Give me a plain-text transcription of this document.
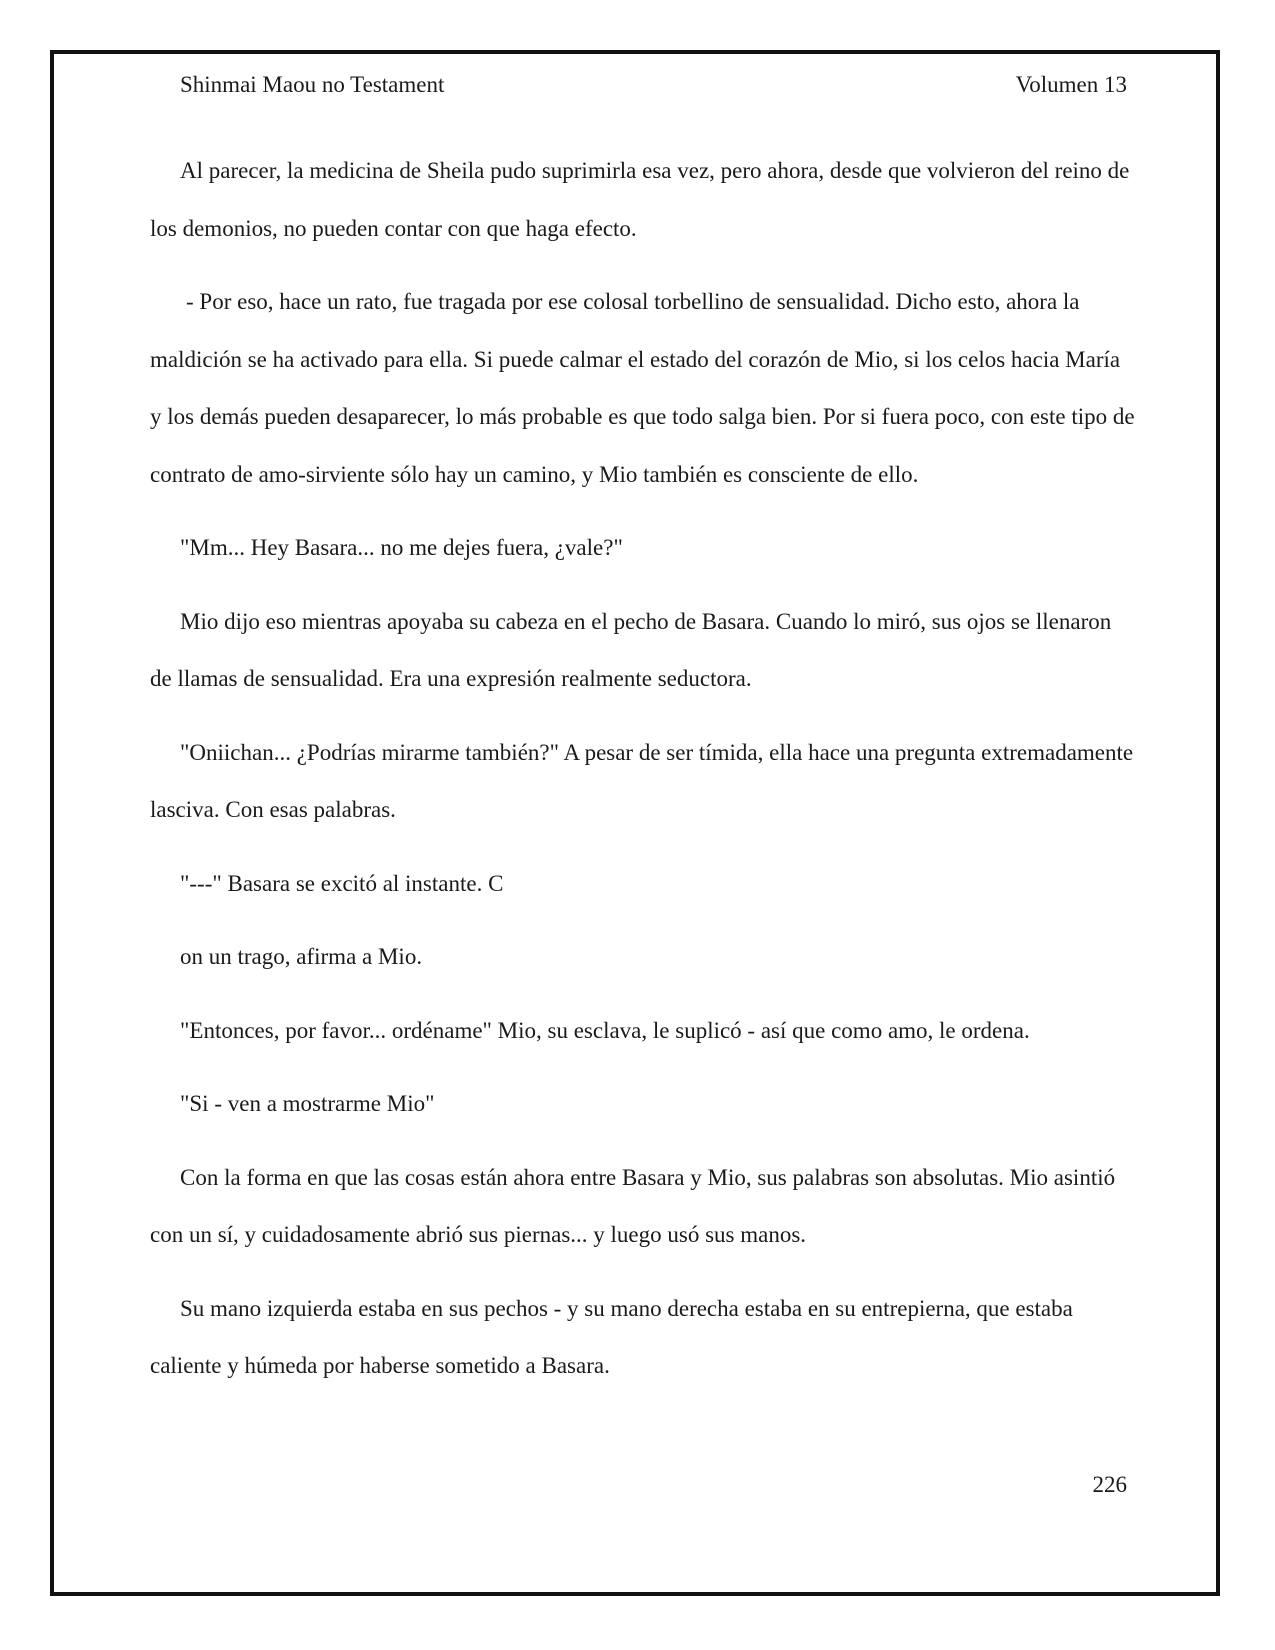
Shinmai Maou no Testament	Volumen 13

Al parecer, la medicina de Sheila pudo suprimirla esa vez, pero ahora, desde que volvieron del reino de los demonios, no pueden contar con que haga efecto.

- Por eso, hace un rato, fue tragada por ese colosal torbellino de sensualidad. Dicho esto, ahora la maldición se ha activado para ella. Si puede calmar el estado del corazón de Mio, si los celos hacia María y los demás pueden desaparecer, lo más probable es que todo salga bien. Por si fuera poco, con este tipo de contrato de amo-sirviente sólo hay un camino, y Mio también es consciente de ello.

"Mm... Hey Basara... no me dejes fuera, ¿vale?"

Mio dijo eso mientras apoyaba su cabeza en el pecho de Basara. Cuando lo miró, sus ojos se llenaron de llamas de sensualidad. Era una expresión realmente seductora.

"Oniichan... ¿Podrías mirarme también?" A pesar de ser tímida, ella hace una pregunta extremadamente lasciva. Con esas palabras.

"---" Basara se excitó al instante. C

on un trago, afirma a Mio.

"Entonces, por favor... ordéname" Mio, su esclava, le suplicó - así que como amo, le ordena.

"Si - ven a mostrarme Mio"

Con la forma en que las cosas están ahora entre Basara y Mio, sus palabras son absolutas. Mio asintió con un sí, y cuidadosamente abrió sus piernas... y luego usó sus manos.

Su mano izquierda estaba en sus pechos - y su mano derecha estaba en su entrepierna, que estaba caliente y húmeda por haberse sometido a Basara.

226
